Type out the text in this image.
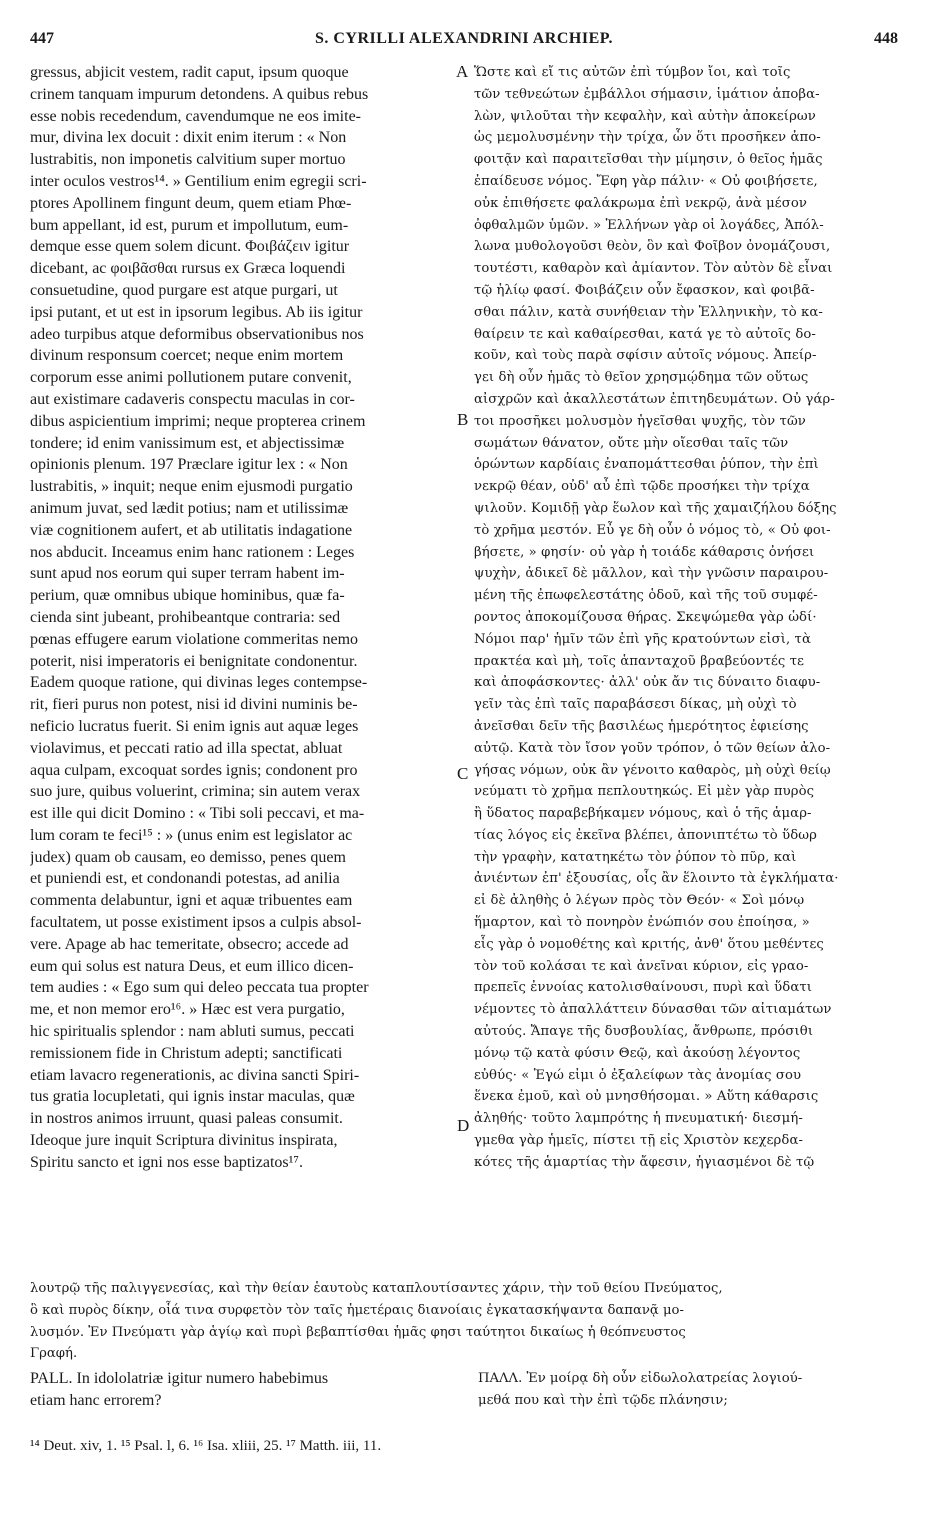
447	S. CYRILLI ALEXANDRINI ARCHIEP.	448
gressus, abjicit vestem, radit caput, ipsum quoque
crinem tanquam impurum detondens. A quibus rebus
esse nobis recedendum, cavendumque ne eos imite-
mur, divina lex docuit : dixit enim iterum : « Non
lustrabitis, non imponetis calvitium super mortuo
inter oculos vestros¹⁴. » Gentilium enim egregii scri-
ptores Apollinem fingunt deum, quem etiam Phœ-
bum appellant, id est, purum et impollutum, eum-
demque esse quem solem dicunt. Φοιβάζειν igitur
dicebant, ac φοιβᾶσθαι rursus ex Græca loquendi
consuetudine, quod purgare est atque purgari, ut
ipsi putant, et ut est in ipsorum legibus. Ab iis igitur
adeo turpibus atque deformibus observationibus nos
divinum responsum coercet; neque enim mortem
corporum esse animi pollutionem putare convenit,
aut existimare cadaveris conspectu maculas in cor-
dibus aspicientium imprimi; neque propterea crinem
tondere; id enim vanissimum est, et abjectissimæ
opinionis plenum. 197 Præclare igitur lex : « Non
lustrabitis, » inquit; neque enim ejusmodi purgatio
animum juvat, sed lædit potius; nam et utilissimæ
viæ cognitionem aufert, et ab utilitatis indagatione
nos abducit. Inceamus enim hanc rationem : Leges
sunt apud nos eorum qui super terram habent im-
perium, quæ omnibus ubique hominibus, quæ fa-
cienda sint jubeant, prohibeantque contraria: sed
pœnas effugere earum violatione commeritas nemo
poterit, nisi imperatoris ei benignitate condonentur.
Eadem quoque ratione, qui divinas leges contempse-
rit, fieri purus non potest, nisi id divini numinis be-
neficio lucratus fuerit. Si enim ignis aut aquæ leges
violavimus, et peccati ratio ad illa spectat, abluat
aqua culpam, excoquat sordes ignis; condonent pro
suo jure, quibus voluerint, crimina; sin autem verax
est ille qui dicit Domino : « Tibi soli peccavi, et ma-
lum coram te feci¹⁵ : » (unus enim est legislator ac
judex) quam ob causam, eo demisso, penes quem
et puniendi est, et condonandi potestas, ad anilia
commenta delabuntur, igni et aquæ tribuentes eam
facultatem, ut posse existiment ipsos a culpis absol-
vere. Apage ab hac temeritate, obsecro; accede ad
eum qui solus est natura Deus, et eum illico dicen-
tem audies : « Ego sum qui deleo peccata tua propter
me, et non memor ero¹⁶. » Hæc est vera purgatio,
hic spiritualis splendor : nam abluti sumus, peccati
remissionem fide in Christum adepti; sanctificati
etiam lavacro regenerationis, ac divina sancti Spiri-
tus gratia locupletati, qui ignis instar maculas, quæ
in nostros animos irruunt, quasi paleas consumit.
Ideoque jure inquit Scriptura divinitus inspirata,
Spiritu sancto et igni nos esse baptizatos¹⁷.
Ὥστε καὶ εἴ τις αὐτῶν ἐπὶ τύμβον ἴοι, καὶ τοῖς
τῶν τεθνεώτων ἐμβάλλοι σήμασιν, ἱμάτιον ἀποβα-
λὼν, ψιλοῦται τὴν κεφαλὴν, καὶ αὐτὴν ἀποκείρων
ὡς μεμολυσμένην τὴν τρίχα, ὧν ὅτι προσῆκεν ἀπο-
φοιτᾷν καὶ παραιτεῖσθαι τὴν μίμησιν, ὁ θεῖος ἡμᾶς
ἐπαίδευσε νόμος. Ἔφη γὰρ πάλιν· « Οὐ φοιβήσετε,
οὐκ ἐπιθήσετε φαλάκρωμα ἐπὶ νεκρῷ, ἀνὰ μέσον
ὀφθαλμῶν ὑμῶν. » Ἑλλήνων γὰρ οἱ λογάδες, Ἀπόλ-
λωνα μυθολογοῦσι θεὸν, ὃν καὶ Φοῖβον ὀνομάζουσι,
τουτέστι, καθαρὸν καὶ ἀμίαντον. Τὸν αὐτὸν δὲ εἶναι
τῷ ἡλίῳ φασί. Φοιβάζειν οὖν ἔφασκον, καὶ φοιβᾶ-
σθαι πάλιν, κατὰ συνήθειαν τὴν Ἑλληνικὴν, τὸ κα-
θαίρειν τε καὶ καθαίρεσθαι, κατά γε τὸ αὐτοῖς δο-
κοῦν, καὶ τοὺς παρὰ σφίσιν αὐτοῖς νόμους. Ἀπείρ-
γει δὴ οὖν ἡμᾶς τὸ θεῖον χρησμῴδημα τῶν οὕτως
αἰσχρῶν καὶ ἀκαλλεστάτων ἐπιτηδευμάτων. Οὐ γάρ-
τοι προσῆκει μολυσμὸν ἡγεῖσθαι ψυχῆς, τὸν τῶν
σωμάτων θάνατον, οὔτε μὴν οἴεσθαι ταῖς τῶν
ὁρώντων καρδίαις ἐναπομάττεσθαι ῥύπον, τὴν ἐπὶ
νεκρῷ θέαν, οὐδ' αὖ ἐπὶ τῷδε προσήκει τὴν τρίχα
ψιλοῦν. Κομιδῇ γὰρ ἕωλον καὶ τῆς χαμαιζήλου δόξης
τὸ χρῆμα μεστόν. Εὖ γε δὴ οὖν ὁ νόμος τὸ, « Οὐ φοι-
βήσετε, » φησίν· οὐ γὰρ ἡ τοιάδε κάθαρσις ὀνήσει
ψυχὴν, ἀδικεῖ δὲ μᾶλλον, καὶ τὴν γνῶσιν παραιρου-
μένη τῆς ἐπωφελεστάτης ὁδοῦ, καὶ τῆς τοῦ συμφέ-
ροντος ἀποκομίζουσα θήρας. Σκεψώμεθα γὰρ ὡδί·
Νόμοι παρ' ἡμῖν τῶν ἐπὶ γῆς κρατούντων εἰσὶ, τὰ
πρακτέα καὶ μὴ, τοῖς ἁπανταχοῦ βραβεύοντές τε
καὶ ἀποφάσκοντες· ἀλλ' οὐκ ἄν τις δύναιτο διαφυ-
γεῖν τὰς ἐπὶ ταῖς παραβάσεσι δίκας, μὴ οὐχὶ τὸ
ἀνεῖσθαι δεῖν τῆς βασιλέως ἡμερότητος ἐφιείσης
αὐτῷ. Κατὰ τὸν ἴσον γοῦν τρόπον, ὁ τῶν θείων ἀλο-
γήσας νόμων, οὐκ ἂν γένοιτο καθαρὸς, μὴ οὐχὶ θείῳ
νεύματι τὸ χρῆμα πεπλουτηκώς. Εἰ μὲν γὰρ πυρὸς
ἢ ὕδατος παραβεβήκαμεν νόμους, καὶ ὁ τῆς ἁμαρ-
τίας λόγος εἰς ἐκεῖνα βλέπει, ἀπονιπτέτω τὸ ὕδωρ
τὴν γραφὴν, κατατηκέτω τὸν ῥύπον τὸ πῦρ, καὶ
ἀνιέντων ἐπ' ἐξουσίας, οἷς ἂν ἕλοιντο τὰ ἐγκλήματα·
εἰ δὲ ἀληθὴς ὁ λέγων πρὸς τὸν Θεόν· « Σοὶ μόνῳ
ἥμαρτον, καὶ τὸ πονηρὸν ἐνώπιόν σου ἐποίησα, »
εἷς γὰρ ὁ νομοθέτης καὶ κριτής, ἀνθ' ὅτου μεθέντες
τὸν τοῦ κολάσαι τε καὶ ἀνεῖναι κύριον, εἰς γραο-
πρεπεῖς ἐννοίας κατολισθαίνουσι, πυρὶ καὶ ὕδατι
νέμοντες τὸ ἀπαλλάττειν δύνασθαι τῶν αἰτιαμάτων
αὐτούς. Ἄπαγε τῆς δυσβουλίας, ἄνθρωπε, πρόσιθι
μόνῳ τῷ κατὰ φύσιν Θεῷ, καὶ ἀκούσῃ λέγοντος
εὐθύς· « Ἐγώ εἰμι ὁ ἐξαλείφων τὰς ἀνομίας σου
ἕνεκα ἐμοῦ, καὶ οὐ μνησθήσομαι. » Αὕτη κάθαρσις
ἀληθής· τοῦτο λαμπρότης ἡ πνευματική· διεσμή-
γμεθα γὰρ ἡμεῖς, πίστει τῇ εἰς Χριστὸν κεχερδα-
κότες τῆς ἁμαρτίας τὴν ἄφεσιν, ἡγιασμένοι δὲ τῷ
A
B
C
D
λουτρῷ τῆς παλιγγενεσίας, καὶ τὴν θείαν ἑαυτοὺς καταπλουτίσαντες χάριν, τὴν τοῦ θείου Πνεύματος,
ὃ καὶ πυρὸς δίκην, οἷά τινα συρφετὸν τὸν ταῖς ἡμετέραις διανοίαις ἐγκατασκήψαντα δαπανᾷ μο-
λυσμόν. Ἐν Πνεύματι γὰρ ἁγίῳ καὶ πυρὶ βεβαπτίσθαι ἡμᾶς φησι ταύτητοι δικαίως ἡ θεόπνευστος
Γραφή.
PALL. In idololatriæ igitur numero habebimus
etiam hanc errorem?
ΠΑΛΛ. Ἐν μοίρᾳ δὴ οὖν εἰδωλολατρείας λογιού-
μεθά που καὶ τὴν ἐπὶ τῷδε πλάνησιν;
¹⁴ Deut. xiv, 1. ¹⁵ Psal. l, 6. ¹⁶ Isa. xliii, 25. ¹⁷ Matth. iii, 11.
